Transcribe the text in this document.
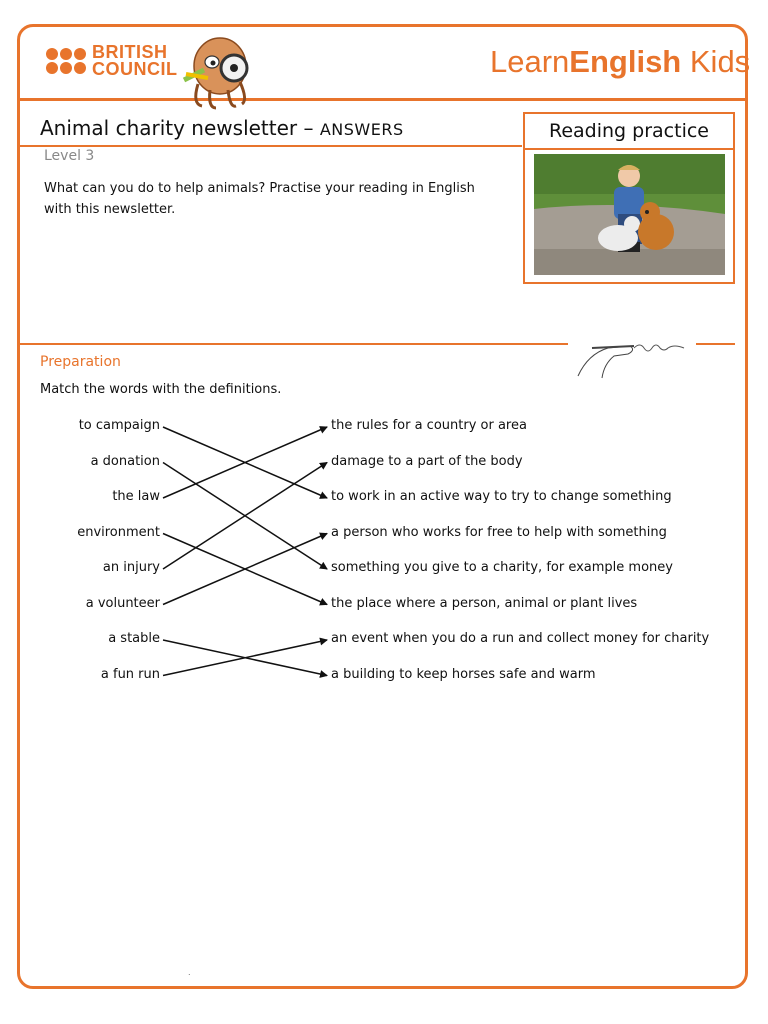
BRITISH
COUNCIL	LearnEnglish Kids
Animal charity newsletter – ANSWERS
Level 3
What can you do to help animals? Practise your reading in English with this newsletter.
Reading practice
Preparation
Match the words with the definitions.
to campaign
a donation
the law
environment
an injury
a volunteer
a stable
a fun run
the rules for a country or area
damage to a part of the body
to work in an active way to try to change something
a person who works for free to help with something
something you give to a charity, for example money
the place where a person, animal or plant lives
an event when you do a run and collect money for charity
a building to keep horses safe and warm
.
